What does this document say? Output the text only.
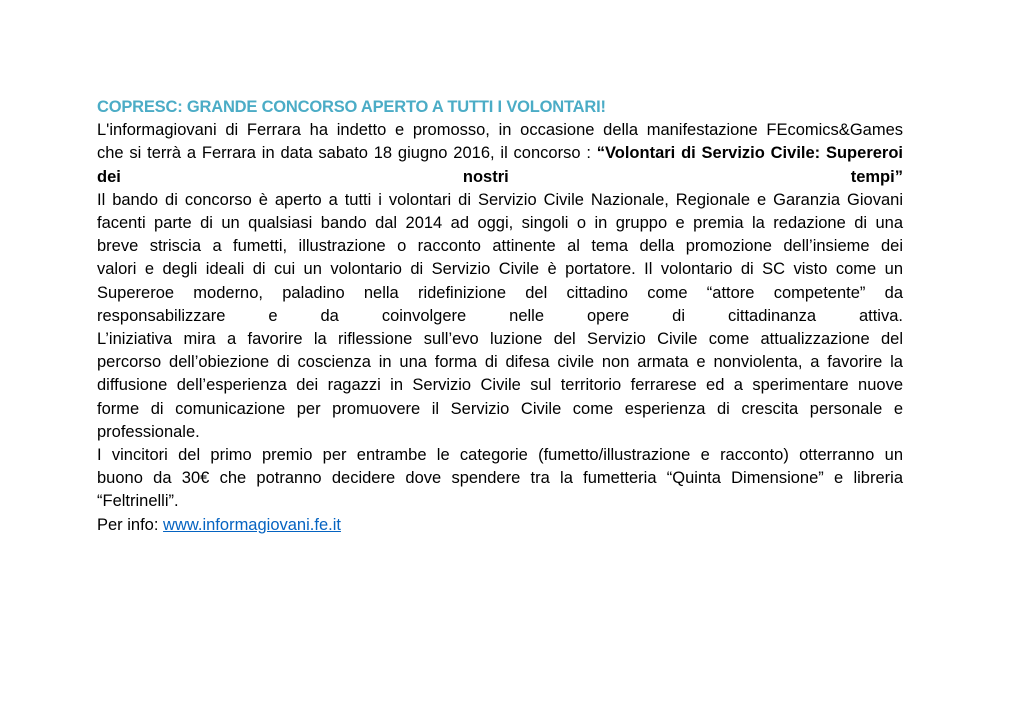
COPRESC: GRANDE CONCORSO APERTO A TUTTI I VOLONTARI!

L'informagiovani di Ferrara ha indetto e promosso, in occasione della manifestazione FEcomics&Games
che si terrà a Ferrara in data sabato 18 giugno 2016, il concorso : “Volontari di Servizio Civile: Supereroi
dei	nostri	tempi”
Il bando di concorso è aperto a tutti i volontari di Servizio Civile Nazionale, Regionale e Garanzia Giovani
facenti parte di un qualsiasi bando dal 2014 ad oggi, singoli o in gruppo e premia la redazione di una
breve striscia a fumetti, illustrazione o racconto attinente al tema della promozione dell’insieme dei
valori e degli ideali di cui un volontario di Servizio Civile è portatore. Il volontario di SC visto come un
Supereroe moderno, paladino nella ridefinizione del cittadino come “attore competente” da
responsabilizzare	e	da	coinvolgere	nelle	opere	di	cittadinanza	attiva.
L’iniziativa mira a favorire la riflessione sull’evo luzione del Servizio Civile come attualizzazione del
percorso dell’obiezione di coscienza in una forma di difesa civile non armata e nonviolenta, a favorire la
diffusione dell’esperienza dei ragazzi in Servizio Civile sul territorio ferrarese ed a sperimentare nuove
forme di comunicazione per promuovere il Servizio Civile come esperienza di crescita personale e
professionale.
I vincitori del primo premio per entrambe le categorie (fumetto/illustrazione e racconto) otterranno un
buono da 30€ che potranno decidere dove spendere tra la fumetteria “Quinta Dimensione” e libreria
“Feltrinelli”.
Per info: www.informagiovani.fe.it
